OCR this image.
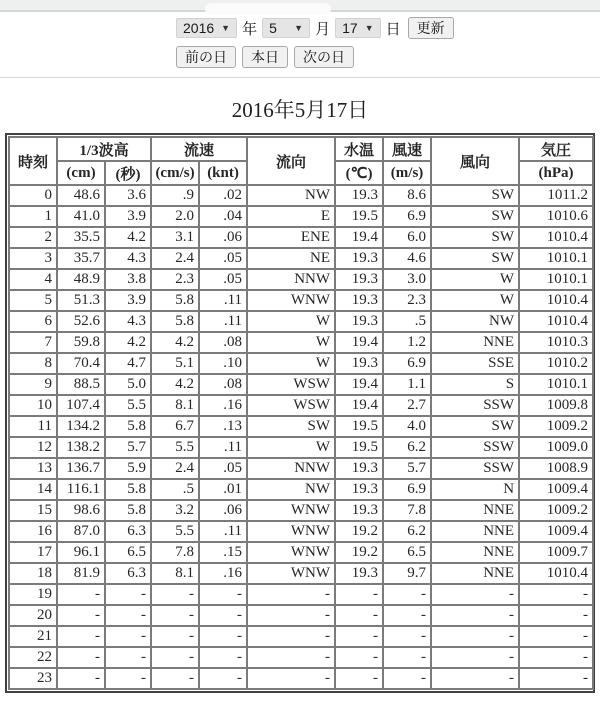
2016 ▼ 年 5 ▼ 月 17 ▼ 日	更新
前の日	本日	次の日
2016年5月17日
時刻	1/3波高		流速		流向	水温	風速	風向	気圧
	(cm)	(秒)	(cm/s)	(knt)		(℃)	(m/s)		(hPa)
0	48.6	3.6	.9	.02	NW	19.3	8.6	SW	1011.2
1	41.0	3.9	2.0	.04	E	19.5	6.9	SW	1010.6
2	35.5	4.2	3.1	.06	ENE	19.4	6.0	SW	1010.4
3	35.7	4.3	2.4	.05	NE	19.3	4.6	SW	1010.1
4	48.9	3.8	2.3	.05	NNW	19.3	3.0	W	1010.1
5	51.3	3.9	5.8	.11	WNW	19.3	2.3	W	1010.4
6	52.6	4.3	5.8	.11	W	19.3	.5	NW	1010.4
7	59.8	4.2	4.2	.08	W	19.4	1.2	NNE	1010.3
8	70.4	4.7	5.1	.10	W	19.3	6.9	SSE	1010.2
9	88.5	5.0	4.2	.08	WSW	19.4	1.1	S	1010.1
10	107.4	5.5	8.1	.16	WSW	19.4	2.7	SSW	1009.8
11	134.2	5.8	6.7	.13	SW	19.5	4.0	SW	1009.2
12	138.2	5.7	5.5	.11	W	19.5	6.2	SSW	1009.0
13	136.7	5.9	2.4	.05	NNW	19.3	5.7	SSW	1008.9
14	116.1	5.8	.5	.01	NW	19.3	6.9	N	1009.4
15	98.6	5.8	3.2	.06	WNW	19.3	7.8	NNE	1009.2
16	87.0	6.3	5.5	.11	WNW	19.2	6.2	NNE	1009.4
17	96.1	6.5	7.8	.15	WNW	19.2	6.5	NNE	1009.7
18	81.9	6.3	8.1	.16	WNW	19.3	9.7	NNE	1010.4
19	-	-	-	-	-	-	-	-	-
20	-	-	-	-	-	-	-	-	-
21	-	-	-	-	-	-	-	-	-
22	-	-	-	-	-	-	-	-	-
23	-	-	-	-	-	-	-	-	-
